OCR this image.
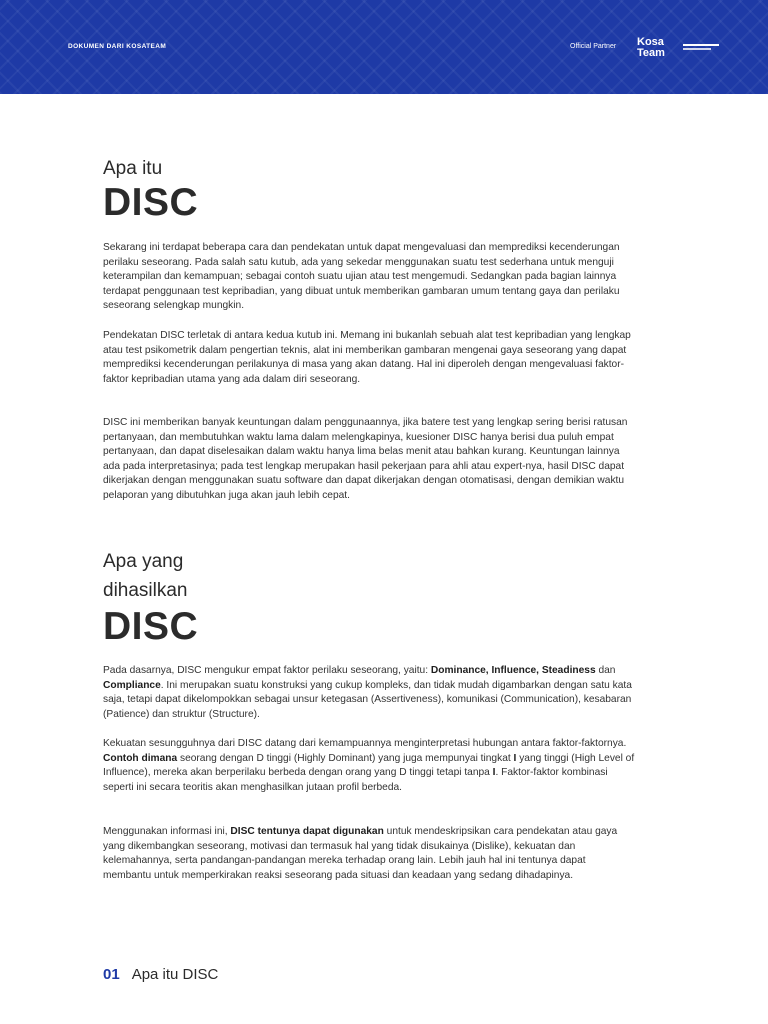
DOKUMEN DARI KOSATEAM	Official Partner Kosa
Team
Apa itu
DISC

Sekarang ini terdapat beberapa cara dan pendekatan untuk dapat mengevaluasi dan memprediksi kecenderungan perilaku seseorang. Pada salah satu kutub, ada yang sekedar menggunakan suatu test sederhana untuk menguji keterampilan dan kemampuan; sebagai contoh suatu ujian atau test mengemudi. Sedangkan pada bagian lainnya terdapat penggunaan test kepribadian, yang dibuat untuk memberikan gambaran umum tentang gaya dan perilaku seseorang selengkap mungkin.

Pendekatan DISC terletak di antara kedua kutub ini. Memang ini bukanlah sebuah alat test kepribadian yang lengkap atau test psikometrik dalam pengertian teknis, alat ini memberikan gambaran mengenai gaya seseorang yang dapat memprediksi kecenderungan perilakunya di masa yang akan datang. Hal ini diperoleh dengan mengevaluasi faktor-faktor kepribadian utama yang ada dalam diri seseorang.

DISC ini memberikan banyak keuntungan dalam penggunaannya, jika batere test yang lengkap sering berisi ratusan pertanyaan, dan membutuhkan waktu lama dalam melengkapinya, kuesioner DISC hanya berisi dua puluh empat pertanyaan, dan dapat diselesaikan dalam waktu hanya lima belas menit atau bahkan kurang. Keuntungan lainnya ada pada interpretasinya; pada test lengkap merupakan hasil pekerjaan para ahli atau expert-nya, hasil DISC dapat dikerjakan dengan menggunakan suatu software dan dapat dikerjakan dengan otomatisasi, dengan demikian waktu pelaporan yang dibutuhkan juga akan jauh lebih cepat.

Apa yang
dihasilkan
DISC

Pada dasarnya, DISC mengukur empat faktor perilaku seseorang, yaitu: Dominance, Influence, Steadiness dan Compliance. Ini merupakan suatu konstruksi yang cukup kompleks, dan tidak mudah digambarkan dengan satu kata saja, tetapi dapat dikelompokkan sebagai unsur ketegasan (Assertiveness), komunikasi (Communication), kesabaran (Patience) dan struktur (Structure).

Kekuatan sesungguhnya dari DISC datang dari kemampuannya menginterpretasi hubungan antara faktor-faktornya. Contoh dimana seorang dengan D tinggi (Highly Dominant) yang juga mempunyai tingkat I yang tinggi (High Level of Influence), mereka akan berperilaku berbeda dengan orang yang D tinggi tetapi tanpa I. Faktor-faktor kombinasi seperti ini secara teoritis akan menghasilkan jutaan profil berbeda.

Menggunakan informasi ini, DISC tentunya dapat digunakan untuk mendeskripsikan cara pendekatan atau gaya yang dikembangkan seseorang, motivasi dan termasuk hal yang tidak disukainya (Dislike), kekuatan dan kelemahannya, serta pandangan-pandangan mereka terhadap orang lain. Lebih jauh hal ini tentunya dapat membantu untuk memperkirakan reaksi seseorang pada situasi dan keadaan yang sedang dihadapinya.

01 Apa itu DISC
